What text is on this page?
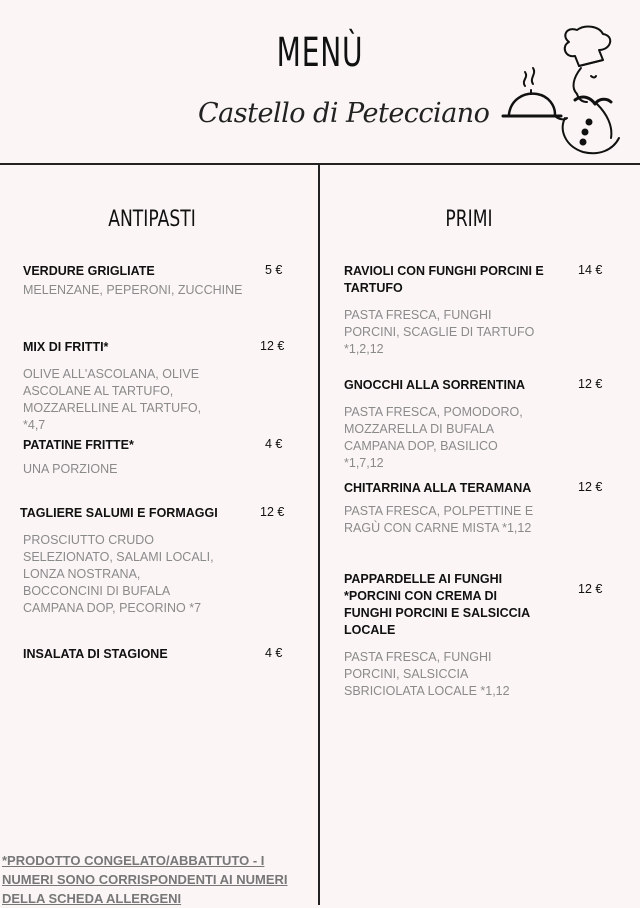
MENÙ
Castello di Petecciano
ANTIPASTI
VERDURE GRIGLIATE
MELENZANE, PEPERONI, ZUCCHINE
5 €
MIX DI FRITTI*
OLIVE ALL'ASCOLANA, OLIVE ASCOLANE AL TARTUFO, MOZZARELLINE AL TARTUFO, *4,7
12 €
PATATINE FRITTE*
UNA PORZIONE
4 €
TAGLIERE SALUMI E FORMAGGI
PROSCIUTTO CRUDO SELEZIONATO, SALAMI LOCALI, LONZA NOSTRANA, BOCCONCINI DI BUFALA CAMPANA DOP, PECORINO *7
12 €
INSALATA DI STAGIONE	4 €
PRIMI
RAVIOLI CON FUNGHI PORCINI E TARTUFO
PASTA FRESCA, FUNGHI PORCINI, SCAGLIE DI TARTUFO *1,2,12
14 €
GNOCCHI ALLA SORRENTINA
PASTA FRESCA, POMODORO, MOZZARELLA DI BUFALA CAMPANA DOP, BASILICO *1,7,12
12 €
CHITARRINA ALLA TERAMANA
PASTA FRESCA, POLPETTINE E RAGÙ CON CARNE MISTA *1,12
12 €
PAPPARDELLE AI FUNGHI *PORCINI CON CREMA DI FUNGHI PORCINI E SALSICCIA LOCALE
PASTA FRESCA, FUNGHI PORCINI, SALSICCIA SBRICIOLATA LOCALE *1,12
12 €
*PRODOTTO CONGELATO/ABBATTUTO - I NUMERI SONO CORRISPONDENTI AI NUMERI DELLA SCHEDA ALLERGENI
